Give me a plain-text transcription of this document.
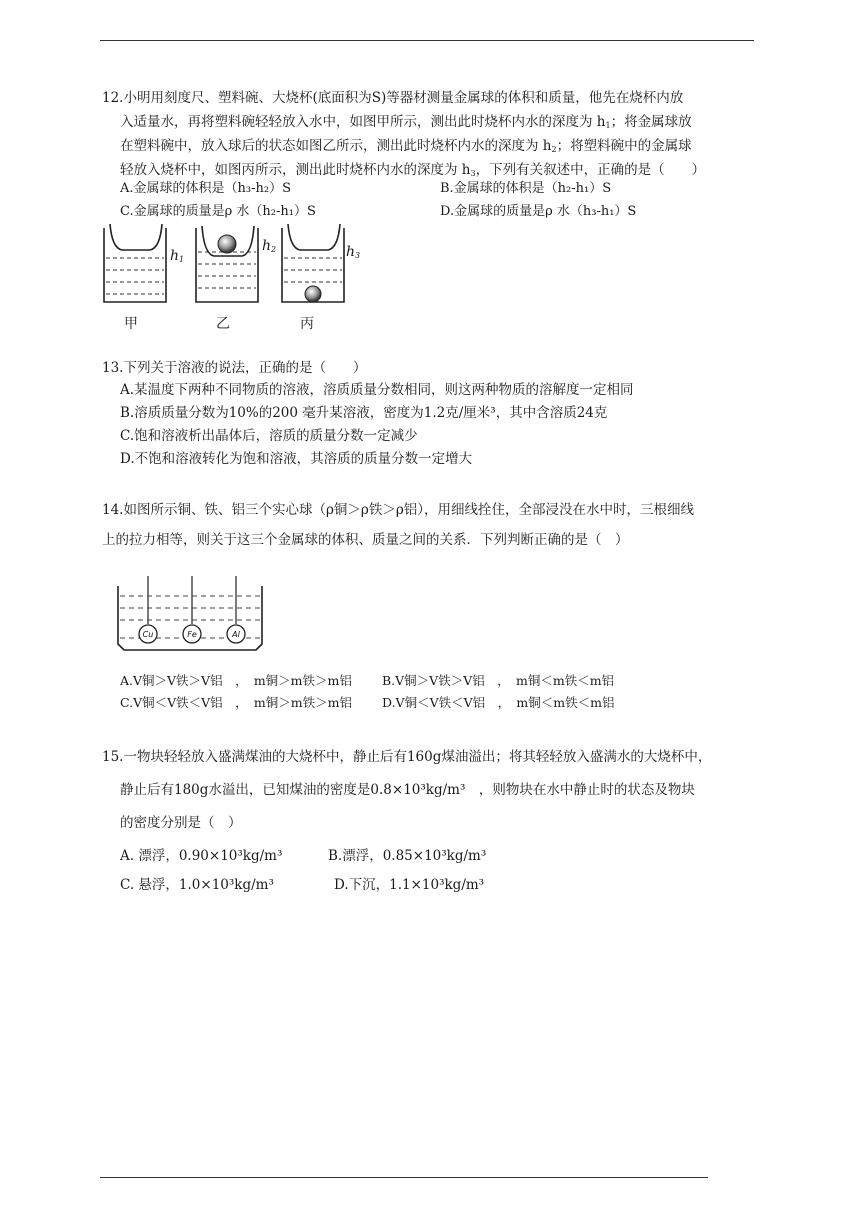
12.小明用刻度尺、塑料碗、大烧杯(底面积为S)等器材测量金属球的体积和质量，他先在烧杯内放
入适量水，再将塑料碗轻轻放入水中，如图甲所示，测出此时烧杯内水的深度为 $h_1$；将金属球放
在塑料碗中，放入球后的状态如图乙所示，测出此时烧杯内水的深度为 $h_2$；将塑料碗中的金属球
轻放入烧杯中，如图丙所示，测出此时烧杯内水的深度为 $h_3$，下列有关叙述中，正确的是（　　）
A.金属球的体积是（h₃-h₂）S	B.金属球的体积是（h₂-h₁）S
C.金属球的质量是ρ 水（h₂-h₁）S	D.金属球的质量是ρ 水（h₃-h₁）S
$h_1$
$h_2$	$h_3$
甲	乙	丙
13.下列关于溶液的说法，正确的是（　　）
A.某温度下两种不同物质的溶液，溶质质量分数相同，则这两种物质的溶解度一定相同
B.溶质质量分数为10%的200 毫升某溶液，密度为1.2克/厘米³，其中含溶质24克
C.饱和溶液析出晶体后，溶质的质量分数一定减少
D.不饱和溶液转化为饱和溶液，其溶质的质量分数一定增大
14.如图所示铜、铁、铝三个实心球（ρ铜＞ρ铁＞ρ铝），用细线拴住，全部浸没在水中时，三根细线
上的拉力相等，则关于这三个金属球的体积、质量之间的关系．下列判断正确的是（　）
Cu	Fe	Al
A.V铜＞V铁＞V铝　，　m铜＞m铁＞m铝 B.V铜＞V铁＞V铝　，　m铜＜m铁＜m铝
C.V铜＜V铁＜V铝　，　m铜＞m铁＞m铝 D.V铜＜V铁＜V铝　，　m铜＜m铁＜m铝
15.一物块轻轻放入盛满煤油的大烧杯中，静止后有160g煤油溢出；将其轻轻放入盛满水的大烧杯中，
静止后有180g水溢出，已知煤油的密度是0.8×10³kg/m³　，则物块在水中静止时的状态及物块
的密度分别是（　）
A. 漂浮，0.90×10³kg/m³	B.漂浮，0.85×10³kg/m³
C. 悬浮，1.0×10³kg/m³	D.下沉，1.1×10³kg/m³
